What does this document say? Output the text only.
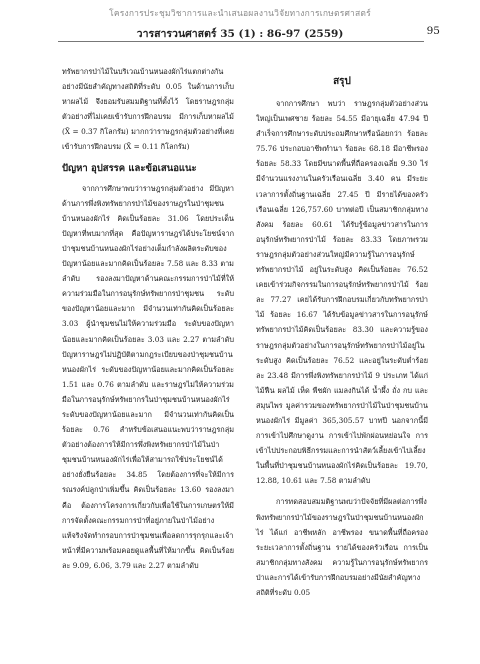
โครงการประชุมวิชาการและนำเสนอผลงานวิจัยทางการเกษตรศาสตร์
วารสารวนศาสตร์ 35 (1) : 86-97 (2559)	95

ทรัพยากรป่าไม้ในบริเวณบ้านหนองผักไร่แตกต่างกันอย่างมีนัยสำคัญทางสถิติที่ระดับ 0.05 ในด้านการเก็บหาผลไม้ จึงยอมรับสมมติฐานที่ตั้งไว้ โดยราษฎรกลุ่มตัวอย่างที่ไม่เคยเข้ารับการฝึกอบรม มีการเก็บหาผลไม้ (X̄ = 0.37 กิโลกรัม) มากกว่าราษฎรกลุ่มตัวอย่างที่เคยเข้ารับการฝึกอบรม (X̄ = 0.11 กิโลกรัม)

ปัญหา อุปสรรค และข้อเสนอแนะ

จากการศึกษาพบว่าราษฎรกลุ่มตัวอย่าง มีปัญหาด้านการพึ่งพิงทรัพยากรป่าไม้ของราษฎรในป่าชุมชนบ้านหนองผักไร่ คิดเป็นร้อยละ 31.06 โดยประเด็นปัญหาที่พบมากที่สุด คือปัญหาราษฎรได้ประโยชน์จากป่าชุมชนบ้านหนองผักไร่อย่างเต็มกำลังผลิตระดับของปัญหาน้อยและมากคิดเป็นร้อยละ 7.58 และ 8.33 ตามลำดับ รองลงมาปัญหาด้านคณะกรรมการป่าไม้ที่ให้ความร่วมมือในการอนุรักษ์ทรัพยากรป่าชุมชน ระดับของปัญหาน้อยและมาก มีจำนวนเท่ากันคิดเป็นร้อยละ 3.03 ผู้นำชุมชนไม่ให้ความร่วมมือ ระดับของปัญหาน้อยและมากคิดเป็นร้อยละ 3.03 และ 2.27 ตามลำดับ ปัญหาราษฎรไม่ปฏิบัติตามกฎระเบียบของป่าชุมชนบ้านหนองผักไร่ ระดับของปัญหาน้อยและมากคิดเป็นร้อยละ 1.51 และ 0.76 ตามลำดับ และราษฎรไม่ให้ความร่วมมือในการอนุรักษ์ทรัพยากรในป่าชุมชนบ้านหนองผักไร่ ระดับของปัญหาน้อยและมาก มีจำนวนเท่ากันคิดเป็นร้อยละ 0.76 สำหรับข้อเสนอแนะพบว่าราษฎรกลุ่มตัวอย่างต้องการให้มีการพึ่งพิงทรัพยากรป่าไม้ในป่าชุมชนบ้านหนองผักไร่เพื่อให้สามารถใช้ประโยชน์ได้อย่างยั่งยืนร้อยละ 34.85 โดยต้องการที่จะให้มีการรณรงค์ปลูกป่าเพิ่มขึ้น คิดเป็นร้อยละ 13.60 รองลงมาคือ ต้องการโครงการเกี่ยวกับเพื่อใช้ในการเกษตรให้มีการจัดตั้งคณะกรรมการป่าที่อยู่ภายในป่าไม้อย่างแท้จริงจัดทำกรอบการป่าชุมชนเพื่อลดการรุกรุกและเจ้าหน้าที่มีความพร้อมคอยดูแลพื้นที่ให้มากขึ้น คิดเป็นร้อยละ 9.09, 6.06, 3.79 และ 2.27 ตามลำดับ

สรุป

จากการศึกษา พบว่า ราษฎรกลุ่มตัวอย่างส่วนใหญ่เป็นเพศชาย ร้อยละ 54.55 มีอายุเฉลี่ย 47.94 ปี สำเร็จการศึกษาระดับประถมศึกษาหรือน้อยกว่า ร้อยละ 75.76 ประกอบอาชีพทำนา ร้อยละ 68.18 มีอาชีพรอง ร้อยละ 58.33 โดยมีขนาดพื้นที่ถือครองเฉลี่ย 9.30 ไร่ มีจำนวนแรงงานในครัวเรือนเฉลี่ย 3.40 คน มีระยะเวลาการตั้งถิ่นฐานเฉลี่ย 27.45 ปี มีรายได้ของครัวเรือนเฉลี่ย 126,757.60 บาทต่อปี เป็นสมาชิกกลุ่มทางสังคม ร้อยละ 60.61 ได้รับรู้ข้อมูลข่าวสารในการอนุรักษ์ทรัพยากรป่าไม้ ร้อยละ 83.33 โดยภาพรวมราษฎรกลุ่มตัวอย่างส่วนใหญ่มีความรู้ในการอนุรักษ์ทรัพยากรป่าไม้ อยู่ในระดับสูง คิดเป็นร้อยละ 76.52 เคยเข้าร่วมกิจกรรมในการอนุรักษ์ทรัพยากรป่าไม้ ร้อยละ 77.27 เคยได้รับการฝึกอบรมเกี่ยวกับทรัพยากรป่าไม้ ร้อยละ 16.67 ได้รับข้อมูลข่าวสารในการอนุรักษ์ทรัพยากรป่าไม้คิดเป็นร้อยละ 83.30 และความรู้ของราษฎรกลุ่มตัวอย่างในการอนุรักษ์ทรัพยากรป่าไม้อยู่ในระดับสูง คิดเป็นร้อยละ 76.52 และอยู่ในระดับต่ำร้อยละ 23.48 มีการพึ่งพิงทรัพยากรป่าไม้ 9 ประเภท ได้แก่ ไม้ฟืน ผลไม้ เห็ด พืชผัก แมลงกินได้ น้ำผึ้ง ถั่ง กบ และสมุนไพร มูลค่ารวมของทรัพยากรป่าไม้ในป่าชุมชนบ้านหนองผักไร่ มีมูลค่า 365,305.57 บาทปี นอกจากนี้มีการเข้าไปศึกษาดูงาน การเข้าไปพักผ่อนหย่อนใจ การเข้าไปประกอบพิธีกรรมและการนำสัตว์เลี้ยงเข้าไปเลี้ยงในพื้นที่ป่าชุมชนบ้านหนองผักไร่คิดเป็นร้อยละ 19.70, 12.88, 10.61 และ 7.58 ตามลำดับ

การทดสอบสมมติฐานพบว่าปัจจัยที่มีผลต่อการพึ่งพิงทรัพยากรป่าไม้ของราษฎรในป่าชุมชนบ้านหนองผักไร่ ได้แก่ อาชีพหลัก อาชีพรอง ขนาดพื้นที่ถือครอง ระยะเวลาการตั้งถิ่นฐาน รายได้ของครัวเรือน การเป็นสมาชิกกลุ่มทางสังคม ความรู้ในการอนุรักษ์ทรัพยากรป่าและการได้เข้ารับการฝึกอบรมอย่างมีนัยสำคัญทางสถิติที่ระดับ 0.05
